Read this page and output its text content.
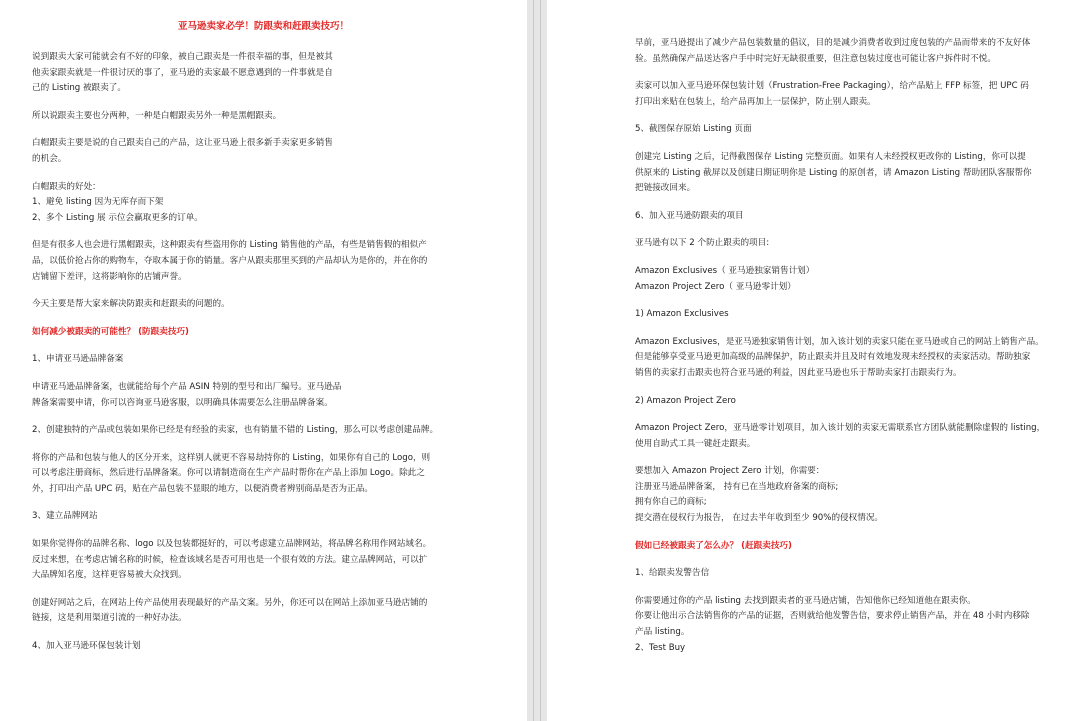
亚马逊卖家必学！防跟卖和赶跟卖技巧！
说到跟卖大家可能就会有不好的印象，被自己跟卖是一件很幸福的事，但是被其
他卖家跟卖就是一件很讨厌的事了，亚马逊的卖家最不愿意遇到的一件事就是自
己的 Listing 被跟卖了。
所以说跟卖主要也分两种，一种是白帽跟卖另外一种是黑帽跟卖。
白帽跟卖主要是说的自己跟卖自己的产品，这让亚马逊上很多新手卖家更多销售
的机会。
白帽跟卖的好处：
1、避免 listing 因为无库存而下架
2、多个 Listing 展 示位会赢取更多的订单。
但是有很多人也会进行黑帽跟卖，这种跟卖有些盗用你的 Listing 销售他的产品，有些是销售假的相似产
品，以低价抢占你的购物车，夺取本属于你的销量。客户从跟卖那里买到的产品却认为是你的，并在你的
店铺留下差评，这将影响你的店铺声誉。
今天主要是帮大家来解决防跟卖和赶跟卖的问题的。
如何减少被跟卖的可能性？ (防跟卖技巧)
1、申请亚马逊品牌备案
申请亚马逊品牌备案，也就能给每个产品 ASIN 特别的型号和出厂编号。亚马逊品
牌备案需要申请，你可以咨询亚马逊客服，以明确具体需要怎么注册品牌备案。
2、创建独特的产品或包装如果你已经是有经验的卖家，也有销量不错的 Listing，那么可以考虑创建品牌。
将你的产品和包装与他人的区分开来，这样别人就更不容易劫持你的 Listing，如果你有自己的 Logo，则
可以考虑注册商标，然后进行品牌备案。你可以请制造商在生产产品时帮你在产品上添加 Logo。除此之
外，打印出产品 UPC 码，贴在产品包装不显眼的地方，以便消费者辨别商品是否为正品。
3、建立品牌网站
如果你觉得你的品牌名称、logo 以及包装都挺好的，可以考虑建立品牌网站，将品牌名称用作网站域名。
反过来想，在考虑店铺名称的时候，检查该域名是否可用也是一个很有效的方法。建立品牌网站，可以扩
大品牌知名度，这样更容易被大众找到。
创建好网站之后，在网站上传产品使用表现最好的产品文案。另外，你还可以在网站上添加亚马逊店铺的
链接，这是利用渠道引流的一种好办法。
4、加入亚马逊环保包装计划
早前，亚马逊提出了减少产品包装数量的倡议，目的是减少消费者收到过度包装的产品而带来的不友好体
验。虽然确保产品送达客户手中时完好无缺很重要，但注意包装过度也可能让客户拆件时不悦。
卖家可以加入亚马逊环保包装计划（Frustration-Free Packaging），给产品贴上 FFP 标签，把 UPC 码
打印出来贴在包装上，给产品再加上一层保护，防止别人跟卖。
5、截图保存原始 Listing 页面
创建完 Listing 之后，记得截图保存 Listing 完整页面。如果有人未经授权更改你的 Listing，你可以提
供原来的 Listing 截屏以及创建日期证明你是 Listing 的原创者，请 Amazon Listing 帮助团队客服帮你
把链接改回来。
6、加入亚马逊防跟卖的项目
亚马逊有以下 2 个防止跟卖的项目:
Amazon Exclusives（ 亚马逊独家销售计划）
Amazon Project Zero（ 亚马逊零计划）
1) Amazon Exclusives
Amazon Exclusives，是亚马逊独家销售计划，加入该计划的卖家只能在亚马逊或自己的网站上销售产品。
但是能够享受亚马逊更加高级的品牌保护，防止跟卖并且及时有效地发现未经授权的卖家活动。帮助独家
销售的卖家打击跟卖也符合亚马逊的利益，因此亚马逊也乐于帮助卖家打击跟卖行为。
2) Amazon Project Zero
Amazon Project Zero，亚马逊零计划项目，加入该计划的卖家无需联系官方团队就能删除虚假的 listing，
使用自助式工具一键赶走跟卖。
要想加入 Amazon Project Zero 计划，你需要：
注册亚马逊品牌备案， 持有已在当地政府备案的商标;
拥有你自己的商标;
提交潜在侵权行为报告， 在过去半年收到至少 90%的侵权情况。
假如已经被跟卖了怎么办？ (赶跟卖技巧)
1、给跟卖发警告信
你需要通过你的产品 listing 去找到跟卖者的亚马逊店铺，告知他你已经知道他在跟卖你。
你要让他出示合法销售你的产品的证据，否则就给他发警告信，要求停止销售产品，并在 48 小时内移除
产品 listing。
2、Test Buy
